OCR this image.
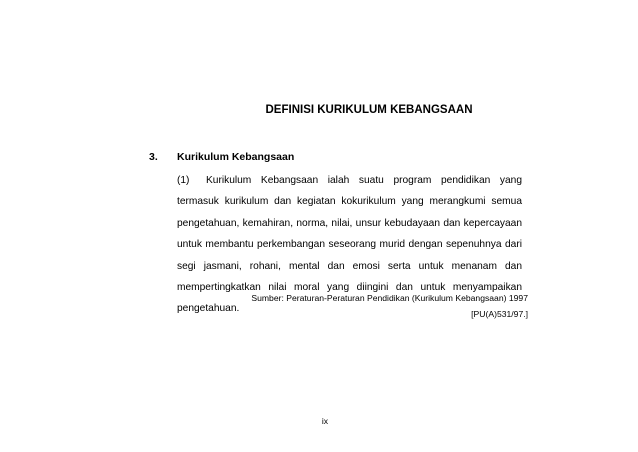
DEFINISI KURIKULUM KEBANGSAAN
3. Kurikulum Kebangsaan
(1) Kurikulum Kebangsaan ialah suatu program pendidikan yang termasuk kurikulum dan kegiatan kokurikulum yang merangkumi semua pengetahuan, kemahiran, norma, nilai, unsur kebudayaan dan kepercayaan untuk membantu perkembangan seseorang murid dengan sepenuhnya dari segi jasmani, rohani, mental dan emosi serta untuk menanam dan mempertingkatkan nilai moral yang diingini dan untuk menyampaikan pengetahuan.
Sumber: Peraturan-Peraturan Pendidikan (Kurikulum Kebangsaan) 1997
[PU(A)531/97.]
ix
